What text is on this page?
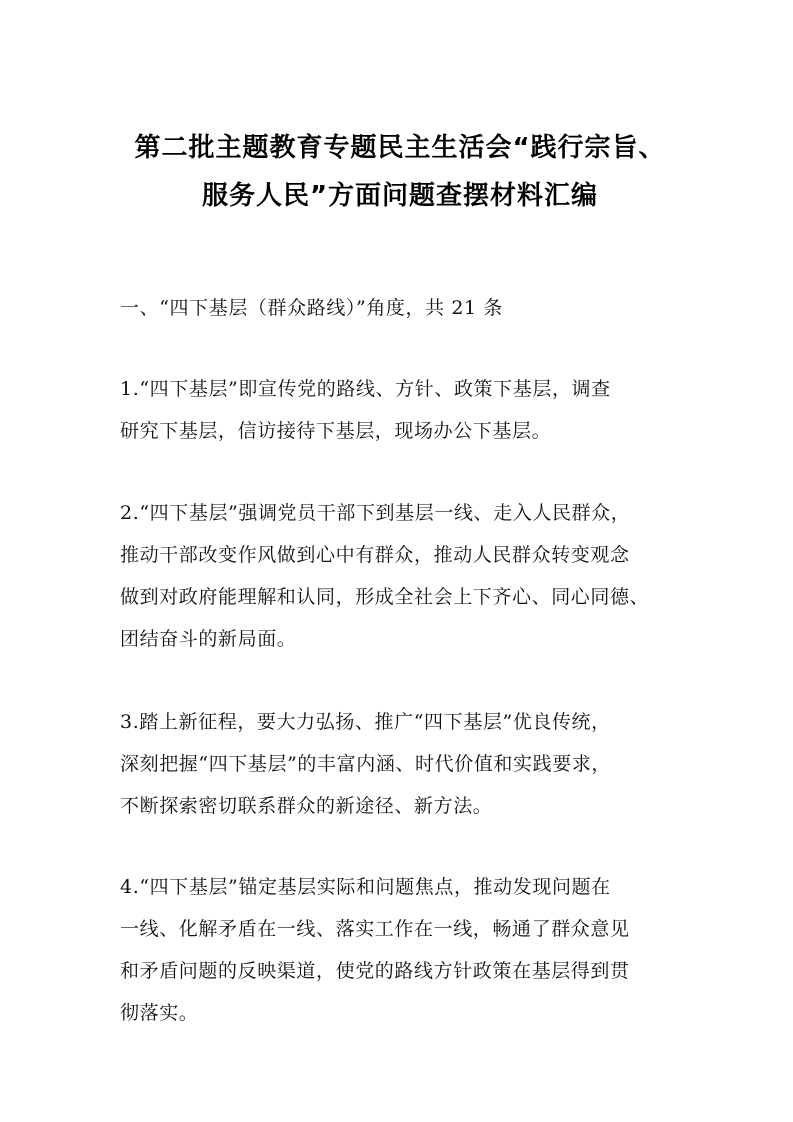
第二批主题教育专题民主生活会“践行宗旨、
服务人民”方面问题查摆材料汇编
一、“四下基层（群众路线）”角度，共 21 条
1.“四下基层”即宣传党的路线、方针、政策下基层，调查
研究下基层，信访接待下基层，现场办公下基层。
2.“四下基层”强调党员干部下到基层一线、走入人民群众，
推动干部改变作风做到心中有群众，推动人民群众转变观念
做到对政府能理解和认同，形成全社会上下齐心、同心同德、
团结奋斗的新局面。
3.踏上新征程，要大力弘扬、推广“四下基层”优良传统，
深刻把握“四下基层”的丰富内涵、时代价值和实践要求，
不断探索密切联系群众的新途径、新方法。
4.“四下基层”锚定基层实际和问题焦点，推动发现问题在
一线、化解矛盾在一线、落实工作在一线，畅通了群众意见
和矛盾问题的反映渠道，使党的路线方针政策在基层得到贯
彻落实。
